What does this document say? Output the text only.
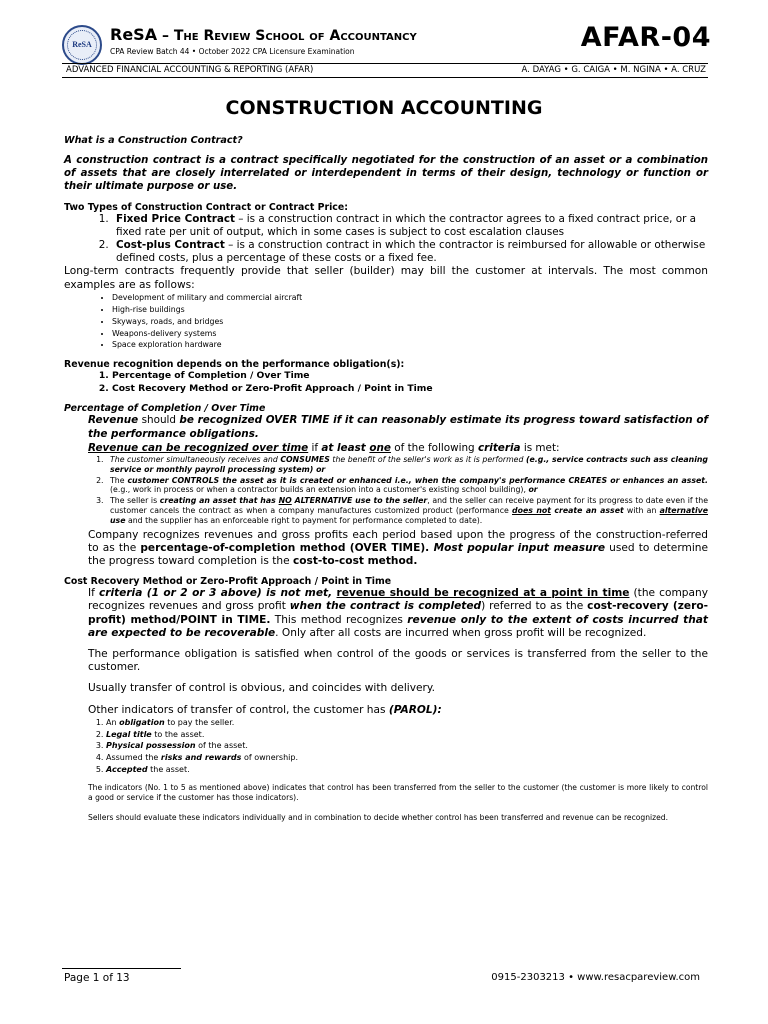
ReSA
ReSA – The Review School of Accountancy
CPA Review Batch 44 • October 2022 CPA Licensure Examination	AFAR-04
ADVANCED FINANCIAL ACCOUNTING & REPORTING (AFAR)	A. DAYAG • G. CAIGA • M. NGINA • A. CRUZ
CONSTRUCTION ACCOUNTING

What is a Construction Contract?

A construction contract is a contract specifically negotiated for the construction of an asset or a combination of assets that are closely interrelated or interdependent in terms of their design, technology or function or their ultimate purpose or use.

Two Types of Construction Contract or Contract Price:

1. Fixed Price Contract – is a construction contract in which the contractor agrees to a fixed contract price, or a fixed rate per unit of output, which in some cases is subject to cost escalation clauses
2. Cost-plus Contract – is a construction contract in which the contractor is reimbursed for allowable or otherwise defined costs, plus a percentage of these costs or a fixed fee.

Long-term contracts frequently provide that seller (builder) may bill the customer at intervals. The most common examples are as follows:

• Development of military and commercial aircraft
• High-rise buildings
• Skyways, roads, and bridges
• Weapons-delivery systems
• Space exploration hardware

Revenue recognition depends on the performance obligation(s):

1. Percentage of Completion / Over Time
2. Cost Recovery Method or Zero-Profit Approach / Point in Time

Percentage of Completion / Over Time

Revenue should be recognized OVER TIME if it can reasonably estimate its progress toward satisfaction of the performance obligations.

Revenue can be recognized over time if at least one of the following criteria is met:

1. The customer simultaneously receives and CONSUMES the benefit of the seller's work as it is performed (e.g., service contracts such ass cleaning service or monthly payroll processing system) or
2. The customer CONTROLS the asset as it is created or enhanced i.e., when the company's performance CREATES or enhances an asset. (e.g., work in process or when a contractor builds an extension into a customer's existing school building), or
3. The seller is creating an asset that has NO ALTERNATIVE use to the seller, and the seller can receive payment for its progress to date even if the customer cancels the contract as when a company manufactures customized product (performance does not create an asset with an alternative use and the supplier has an enforceable right to payment for performance completed to date).

Company recognizes revenues and gross profits each period based upon the progress of the construction-referred to as the percentage-of-completion method (OVER TIME). Most popular input measure used to determine the progress toward completion is the cost-to-cost method.

Cost Recovery Method or Zero-Profit Approach / Point in Time

If criteria (1 or 2 or 3 above) is not met, revenue should be recognized at a point in time (the company recognizes revenues and gross profit when the contract is completed) referred to as the cost-recovery (zero-profit) method/POINT in TIME. This method recognizes revenue only to the extent of costs incurred that are expected to be recoverable. Only after all costs are incurred when gross profit will be recognized.

The performance obligation is satisfied when control of the goods or services is transferred from the seller to the customer.

Usually transfer of control is obvious, and coincides with delivery.

Other indicators of transfer of control, the customer has (PAROL):

1. An obligation to pay the seller.
2. Legal title to the asset.
3. Physical possession of the asset.
4. Assumed the risks and rewards of ownership.
5. Accepted the asset.

The indicators (No. 1 to 5 as mentioned above) indicates that control has been transferred from the seller to the customer (the customer is more likely to control a good or service if the customer has those indicators).

Sellers should evaluate these indicators individually and in combination to decide whether control has been transferred and revenue can be recognized.

Page 1 of 13	0915-2303213 • www.resacpareview.com
